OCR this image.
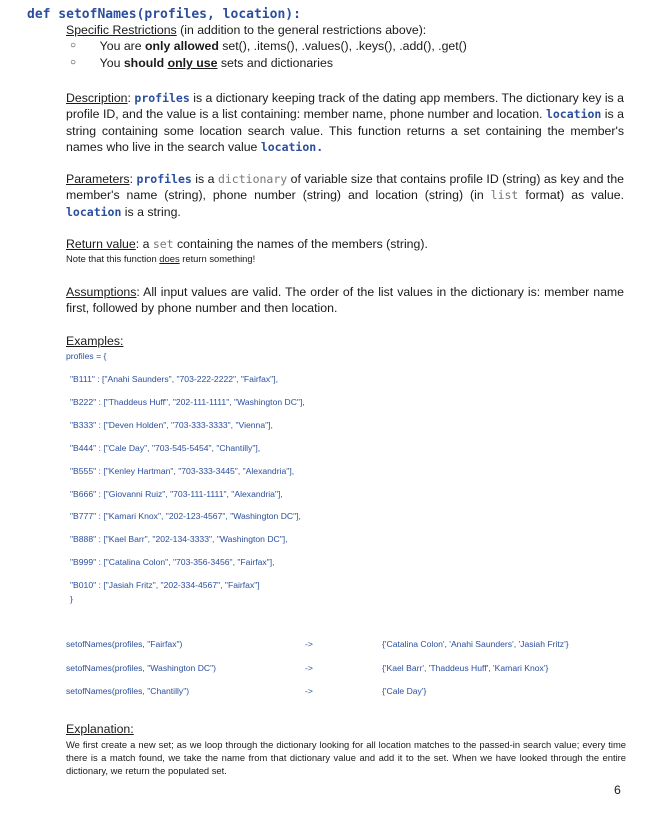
def setofNames(profiles, location):
Specific Restrictions (in addition to the general restrictions above):
○ You are only allowed set(), .items(), .values(), .keys(), .add(), .get()
○ You should only use sets and dictionaries
Description: profiles is a dictionary keeping track of the dating app members. The dictionary key is a profile ID, and the value is a list containing: member name, phone number and location. location is a string containing some location search value. This function returns a set containing the member's names who live in the search value location.
Parameters: profiles is a dictionary of variable size that contains profile ID (string) as key and the member's name (string), phone number (string) and location (string) (in list format) as value. location is a string.
Return value: a set containing the names of the members (string).
Note that this function does return something!
Assumptions: All input values are valid. The order of the list values in the dictionary is: member name first, followed by phone number and then location.
Examples:
profiles = {
"B111" : ["Anahi Saunders", "703-222-2222", "Fairfax"],
"B222" : ["Thaddeus Huff", "202-111-1111", "Washington DC"],
"B333" : ["Deven Holden", "703-333-3333", "Vienna"],
"B444" : ["Cale Day", "703-545-5454", "Chantilly"],
"B555" : ["Kenley Hartman", "703-333-3445", "Alexandria"],
"B666" : ["Giovanni Ruiz", "703-111-1111", "Alexandria"],
"B777" : ["Kamari Knox", "202-123-4567", "Washington DC"],
"B888" : ["Kael Barr", "202-134-3333", "Washington DC"],
"B999" : ["Catalina Colon", "703-356-3456", "Fairfax"],
"B010" : ["Jasiah Fritz", "202-334-4567", "Fairfax"]
}
setofNames(profiles, "Fairfax")	->	{'Catalina Colon', 'Anahi Saunders', 'Jasiah Fritz'}
setofNames(profiles, "Washington DC")	->	{'Kael Barr', 'Thaddeus Huff', 'Kamari Knox'}
setofNames(profiles, "Chantilly")	->	{'Cale Day'}
Explanation:
We first create a new set; as we loop through the dictionary looking for all location matches to the passed-in search value; every time there is a match found, we take the name from that dictionary value and add it to the set. When we have looked through the entire dictionary, we return the populated set.
6
